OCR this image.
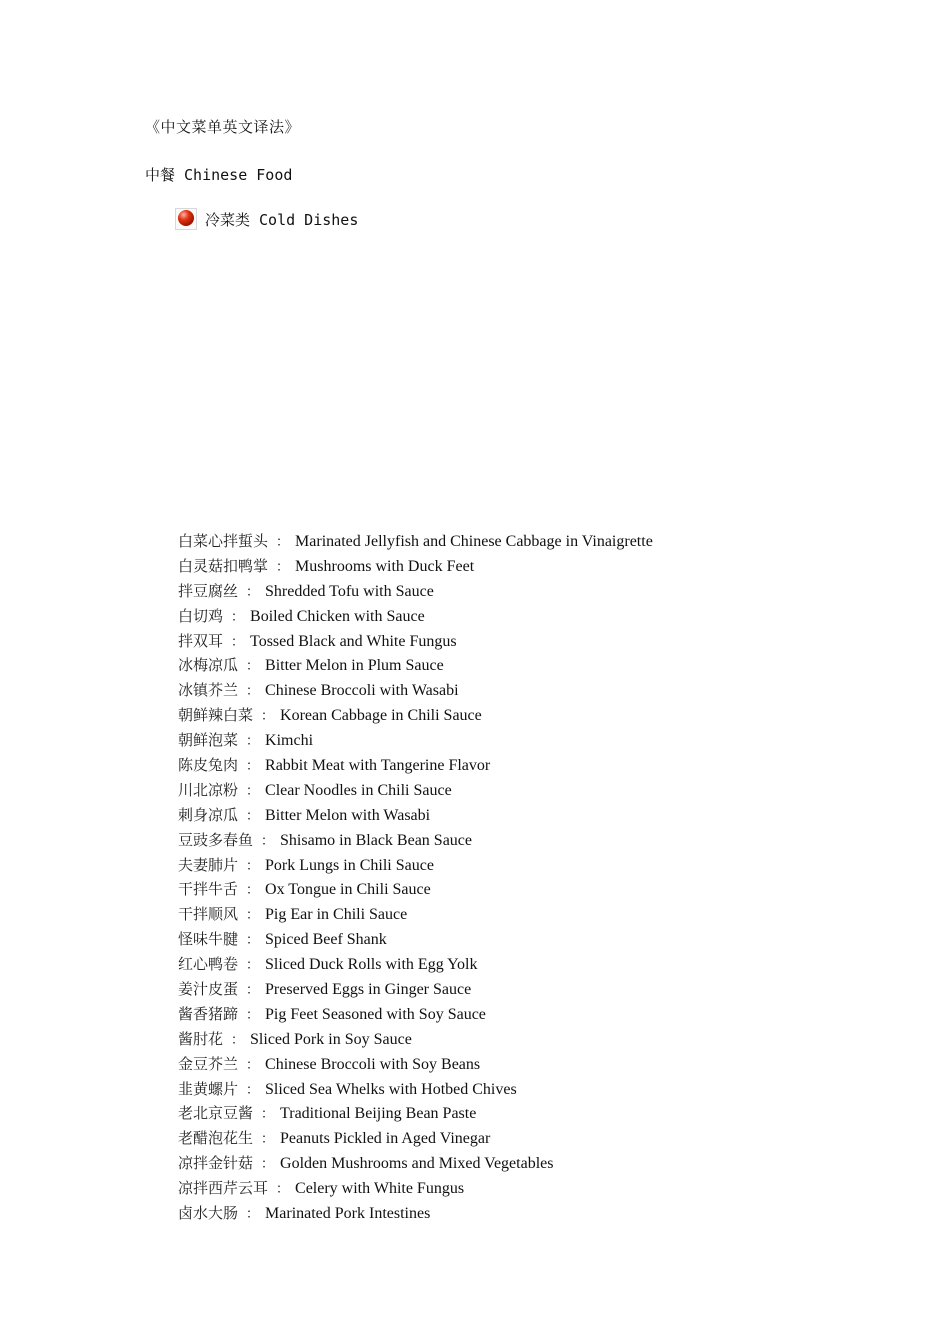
《中文菜单英文译法》
中餐 Chinese Food
冷菜类 Cold Dishes
白菜心拌蜇头 ： Marinated Jellyfish and Chinese Cabbage in Vinaigrette
白灵菇扣鸭掌 ： Mushrooms with Duck Feet
拌豆腐丝 ： Shredded Tofu with Sauce
白切鸡 ： Boiled Chicken with Sauce
拌双耳 ： Tossed Black and White Fungus
冰梅凉瓜 ： Bitter Melon in Plum Sauce
冰镇芥兰 ： Chinese Broccoli with Wasabi
朝鲜辣白菜 ： Korean Cabbage in Chili Sauce
朝鲜泡菜 ： Kimchi
陈皮兔肉 ： Rabbit Meat with Tangerine Flavor
川北凉粉 ： Clear Noodles in Chili Sauce
刺身凉瓜 ： Bitter Melon with Wasabi
豆豉多春鱼 ： Shisamo in Black Bean Sauce
夫妻肺片 ： Pork Lungs in Chili Sauce
干拌牛舌 ： Ox Tongue in Chili Sauce
干拌顺风 ： Pig Ear in Chili Sauce
怪味牛腱 ： Spiced Beef Shank
红心鸭卷 ： Sliced Duck Rolls with Egg Yolk
姜汁皮蛋 ： Preserved Eggs in Ginger Sauce
酱香猪蹄 ： Pig Feet Seasoned with Soy Sauce
酱肘花 ： Sliced Pork in Soy Sauce
金豆芥兰 ： Chinese Broccoli with Soy Beans
韭黄螺片 ： Sliced Sea Whelks with Hotbed Chives
老北京豆酱 ： Traditional Beijing Bean Paste
老醋泡花生 ： Peanuts Pickled in Aged Vinegar
凉拌金针菇 ： Golden Mushrooms and Mixed Vegetables
凉拌西芹云耳 ： Celery with White Fungus
卤水大肠 ： Marinated Pork Intestines
